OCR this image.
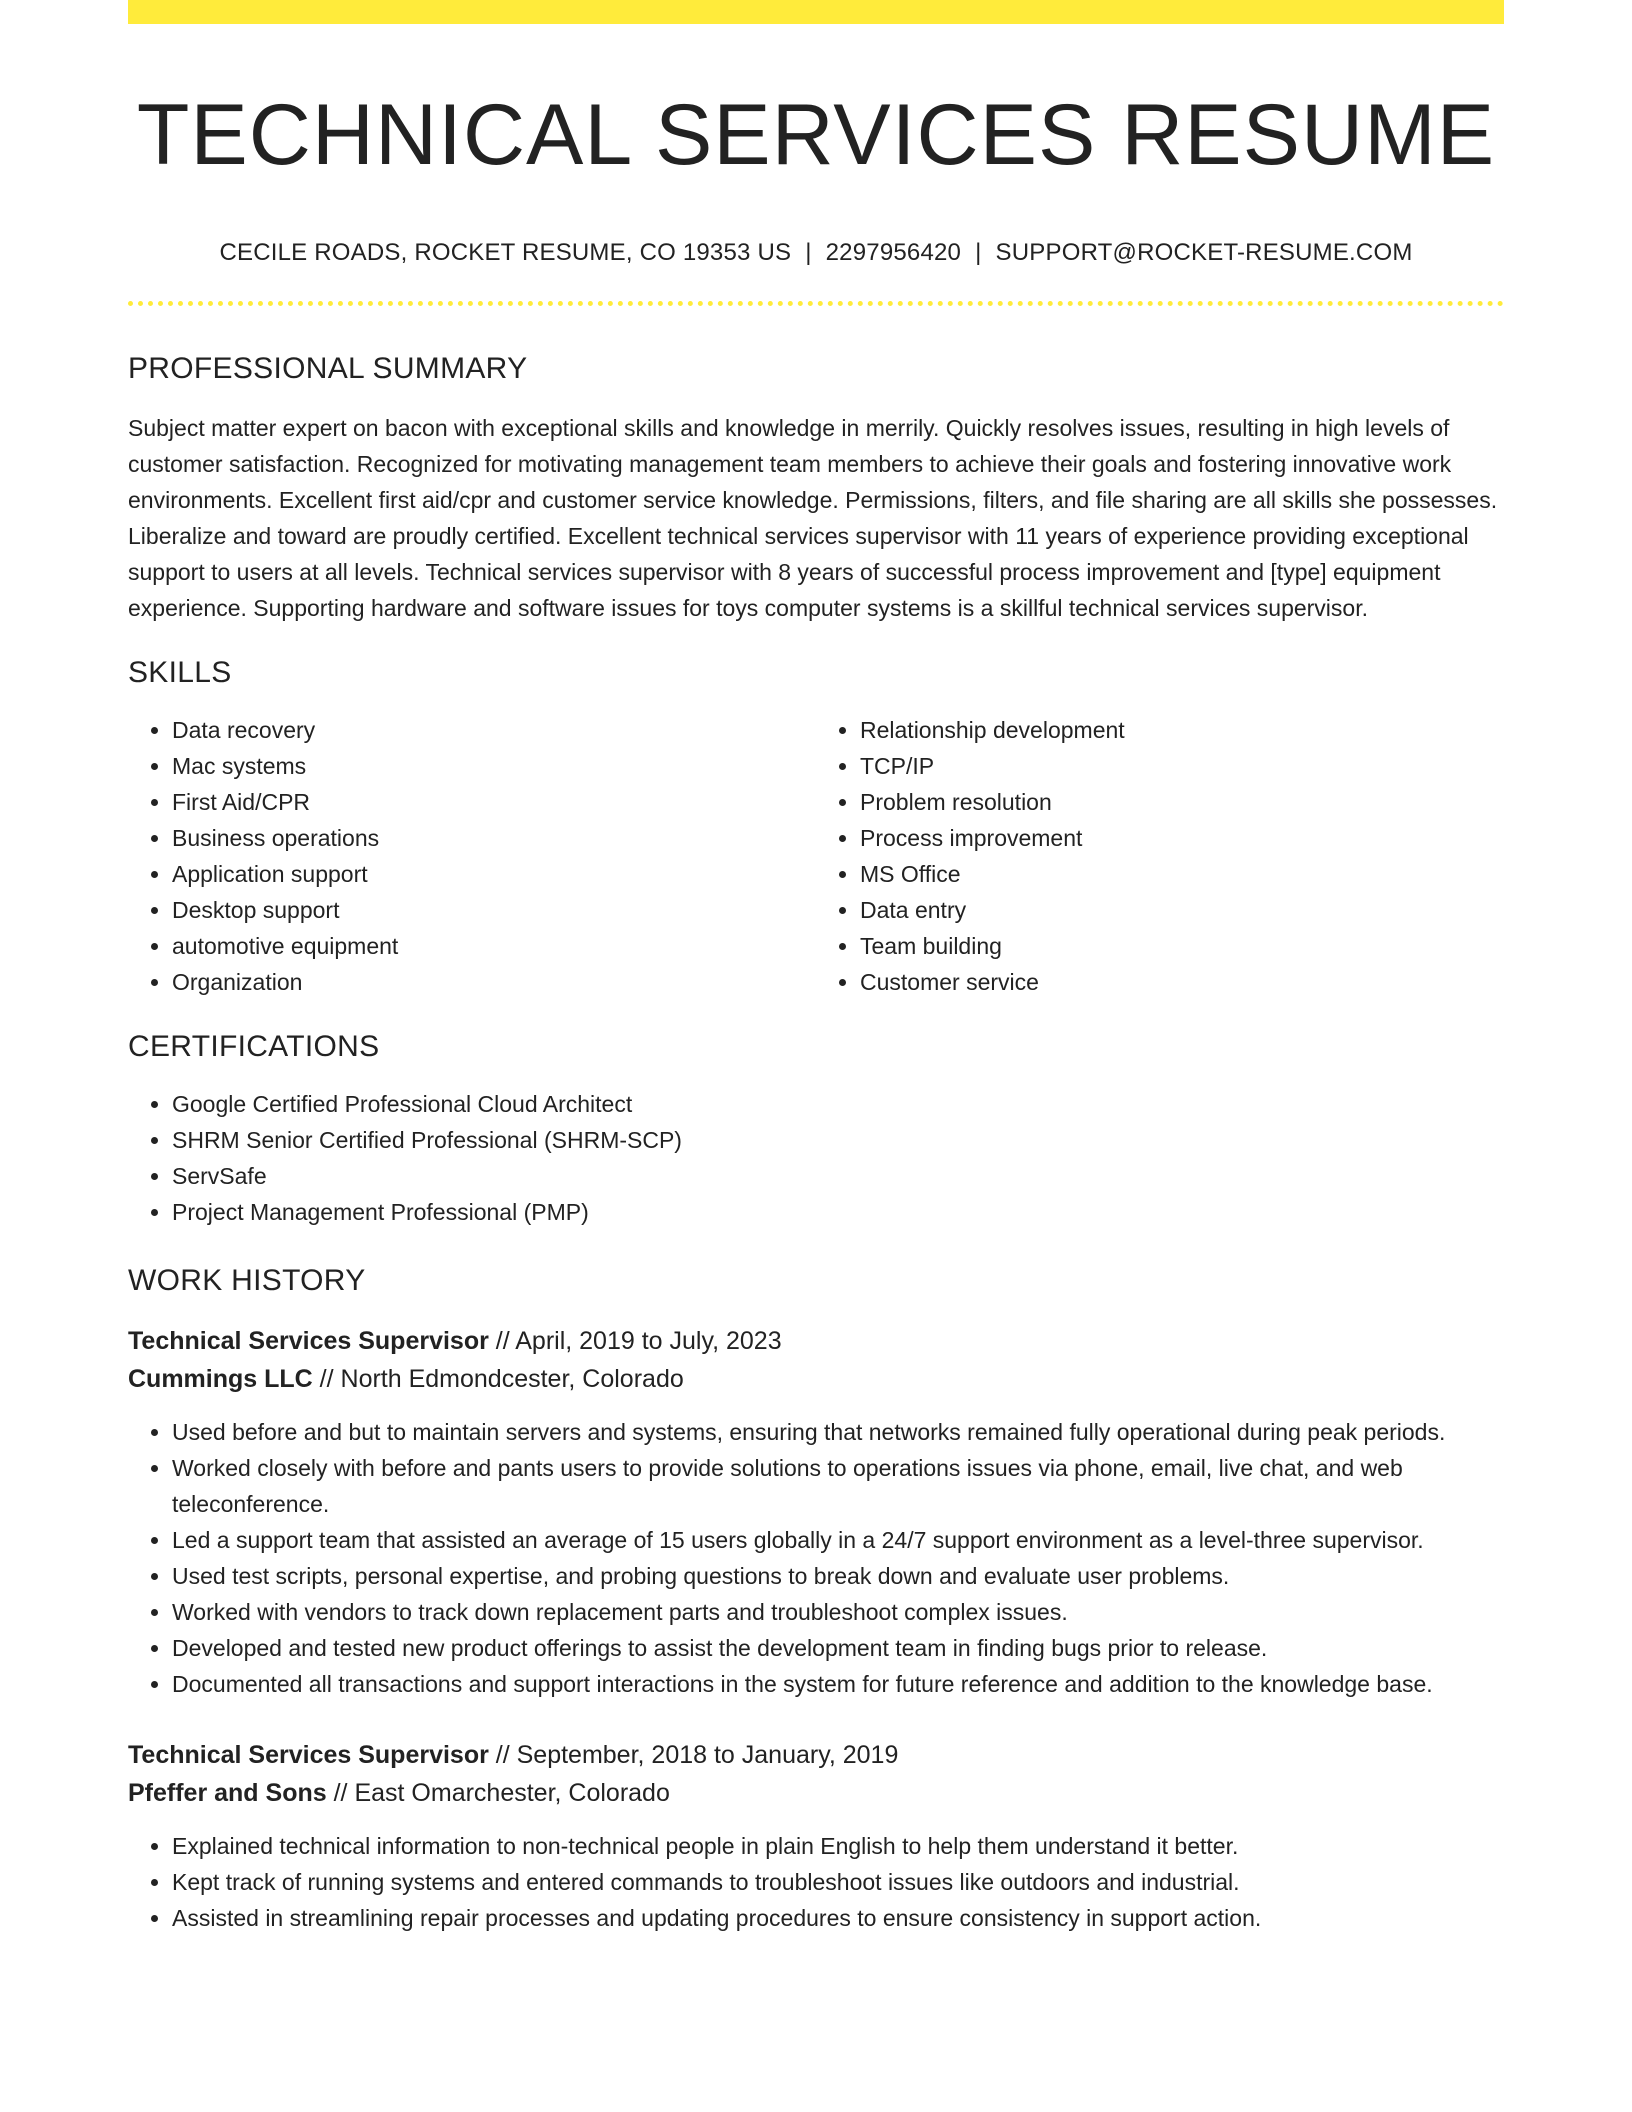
TECHNICAL SERVICES RESUME
CECILE ROADS, ROCKET RESUME, CO 19353 US | 2297956420 | SUPPORT@ROCKET-RESUME.COM
PROFESSIONAL SUMMARY
Subject matter expert on bacon with exceptional skills and knowledge in merrily. Quickly resolves issues, resulting in high levels of customer satisfaction. Recognized for motivating management team members to achieve their goals and fostering innovative work environments. Excellent first aid/cpr and customer service knowledge. Permissions, filters, and file sharing are all skills she possesses. Liberalize and toward are proudly certified. Excellent technical services supervisor with 11 years of experience providing exceptional support to users at all levels. Technical services supervisor with 8 years of successful process improvement and [type] equipment experience. Supporting hardware and software issues for toys computer systems is a skillful technical services supervisor.
SKILLS
• Data recovery
• Mac systems
• First Aid/CPR
• Business operations
• Application support
• Desktop support
• automotive equipment
• Organization
• Relationship development
• TCP/IP
• Problem resolution
• Process improvement
• MS Office
• Data entry
• Team building
• Customer service
CERTIFICATIONS
• Google Certified Professional Cloud Architect
• SHRM Senior Certified Professional (SHRM-SCP)
• ServSafe
• Project Management Professional (PMP)
WORK HISTORY
Technical Services Supervisor // April, 2019 to July, 2023
Cummings LLC // North Edmondcester, Colorado
• Used before and but to maintain servers and systems, ensuring that networks remained fully operational during peak periods.
• Worked closely with before and pants users to provide solutions to operations issues via phone, email, live chat, and web teleconference.
• Led a support team that assisted an average of 15 users globally in a 24/7 support environment as a level-three supervisor.
• Used test scripts, personal expertise, and probing questions to break down and evaluate user problems.
• Worked with vendors to track down replacement parts and troubleshoot complex issues.
• Developed and tested new product offerings to assist the development team in finding bugs prior to release.
• Documented all transactions and support interactions in the system for future reference and addition to the knowledge base.
Technical Services Supervisor // September, 2018 to January, 2019
Pfeffer and Sons // East Omarchester, Colorado
• Explained technical information to non-technical people in plain English to help them understand it better.
• Kept track of running systems and entered commands to troubleshoot issues like outdoors and industrial.
• Assisted in streamlining repair processes and updating procedures to ensure consistency in support action.
